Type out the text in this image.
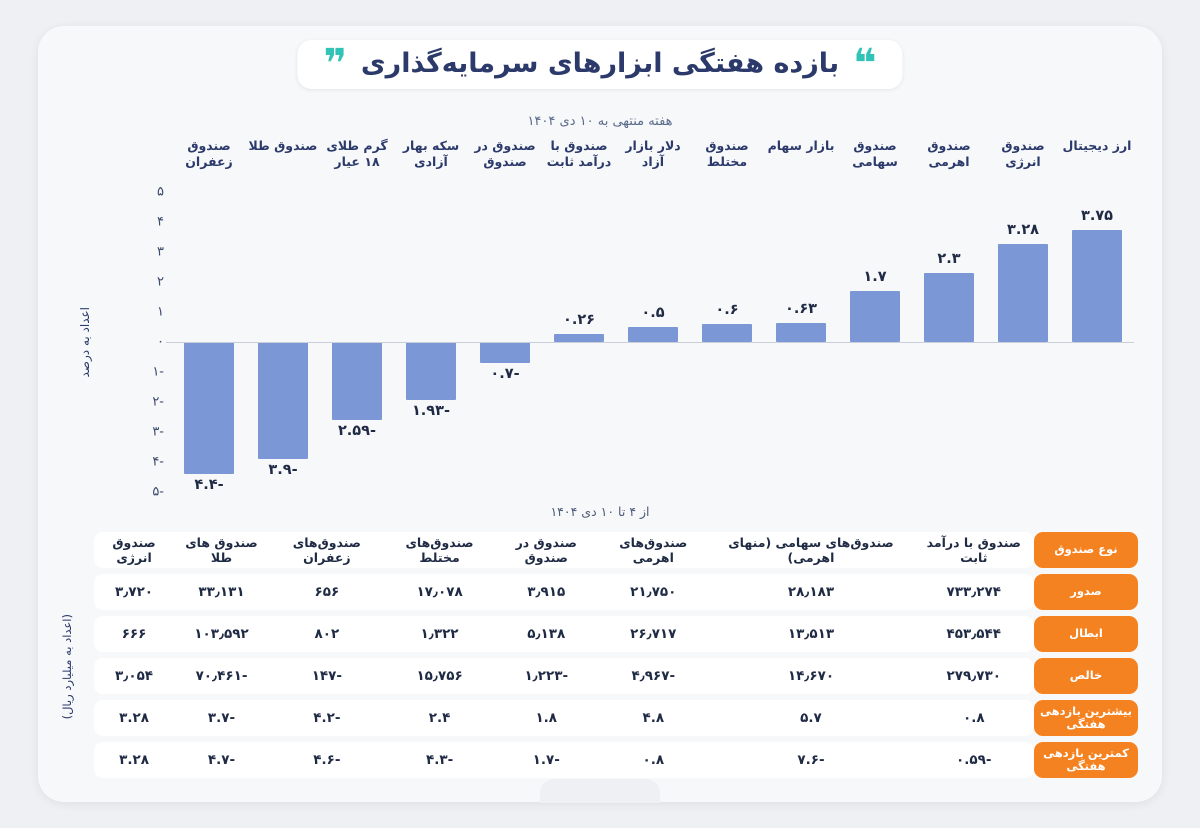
❝
بازده هفتگی ابزارهای سرمایه‌گذاری
❞
هفته منتهی به ۱۰ دی ۱۴۰۴
اعداد به درصد
۵
۴
۳
۲
۱
۰
-۱
-۲
-۳
-۴
-۵
صندوق زعفران
صندوق طلا گرم طلای ۱۸ عیار
سکه بهار آزادی
صندوق در صندوق
صندوق با درآمد ثابت
دلار بازار آزاد
صندوق مختلط
بازار سهام	صندوق سهامی
صندوق اهرمی
صندوق انرژی
ارز دیجیتال
-۴.۴
-۳.۹
-۲.۵۹
-۱.۹۳
-۰.۷
۰.۲۶	۰.۵	۰.۶	۰.۶۳
۱.۷
۲.۳
۳.۲۸
۳.۷۵
از ۴ تا ۱۰ دی ۱۴۰۴
(اعداد به میلیارد ریال)
نوع صندوق	صندوق با درآمد ثابت	صندوق‌های سهامی (منهای اهرمی)	صندوق‌های اهرمی	صندوق در صندوق	صندوق‌های مختلط	صندوق‌های زعفران	صندوق های طلا	صندوق انرژی
صدور	۷۳۳٫۲۷۴	۲۸٫۱۸۳	۲۱٫۷۵۰	۳٫۹۱۵	۱۷٫۰۷۸	۶۵۶	۳۳٫۱۳۱	۳٫۷۲۰
ابطال	۴۵۳٫۵۴۴	۱۳٫۵۱۳	۲۶٫۷۱۷	۵٫۱۳۸	۱٫۳۲۲	۸۰۲	۱۰۳٫۵۹۲	۶۶۶
خالص	۲۷۹٫۷۳۰	۱۴٫۶۷۰	-۴٫۹۶۷	-۱٫۲۲۳	۱۵٫۷۵۶	-۱۴۷	-۷۰٫۴۶۱	۳٫۰۵۴
بیشترین بازدهی هفتگی	۰.۸	۵.۷	۴.۸	۱.۸	۲.۴	-۴.۲	-۳.۷	۳.۲۸
کمترین بازدهی هفتگی	-۰.۵۹	-۷.۶	۰.۸	-۱.۷	-۴.۳	-۴.۶	-۴.۷	۳.۲۸
